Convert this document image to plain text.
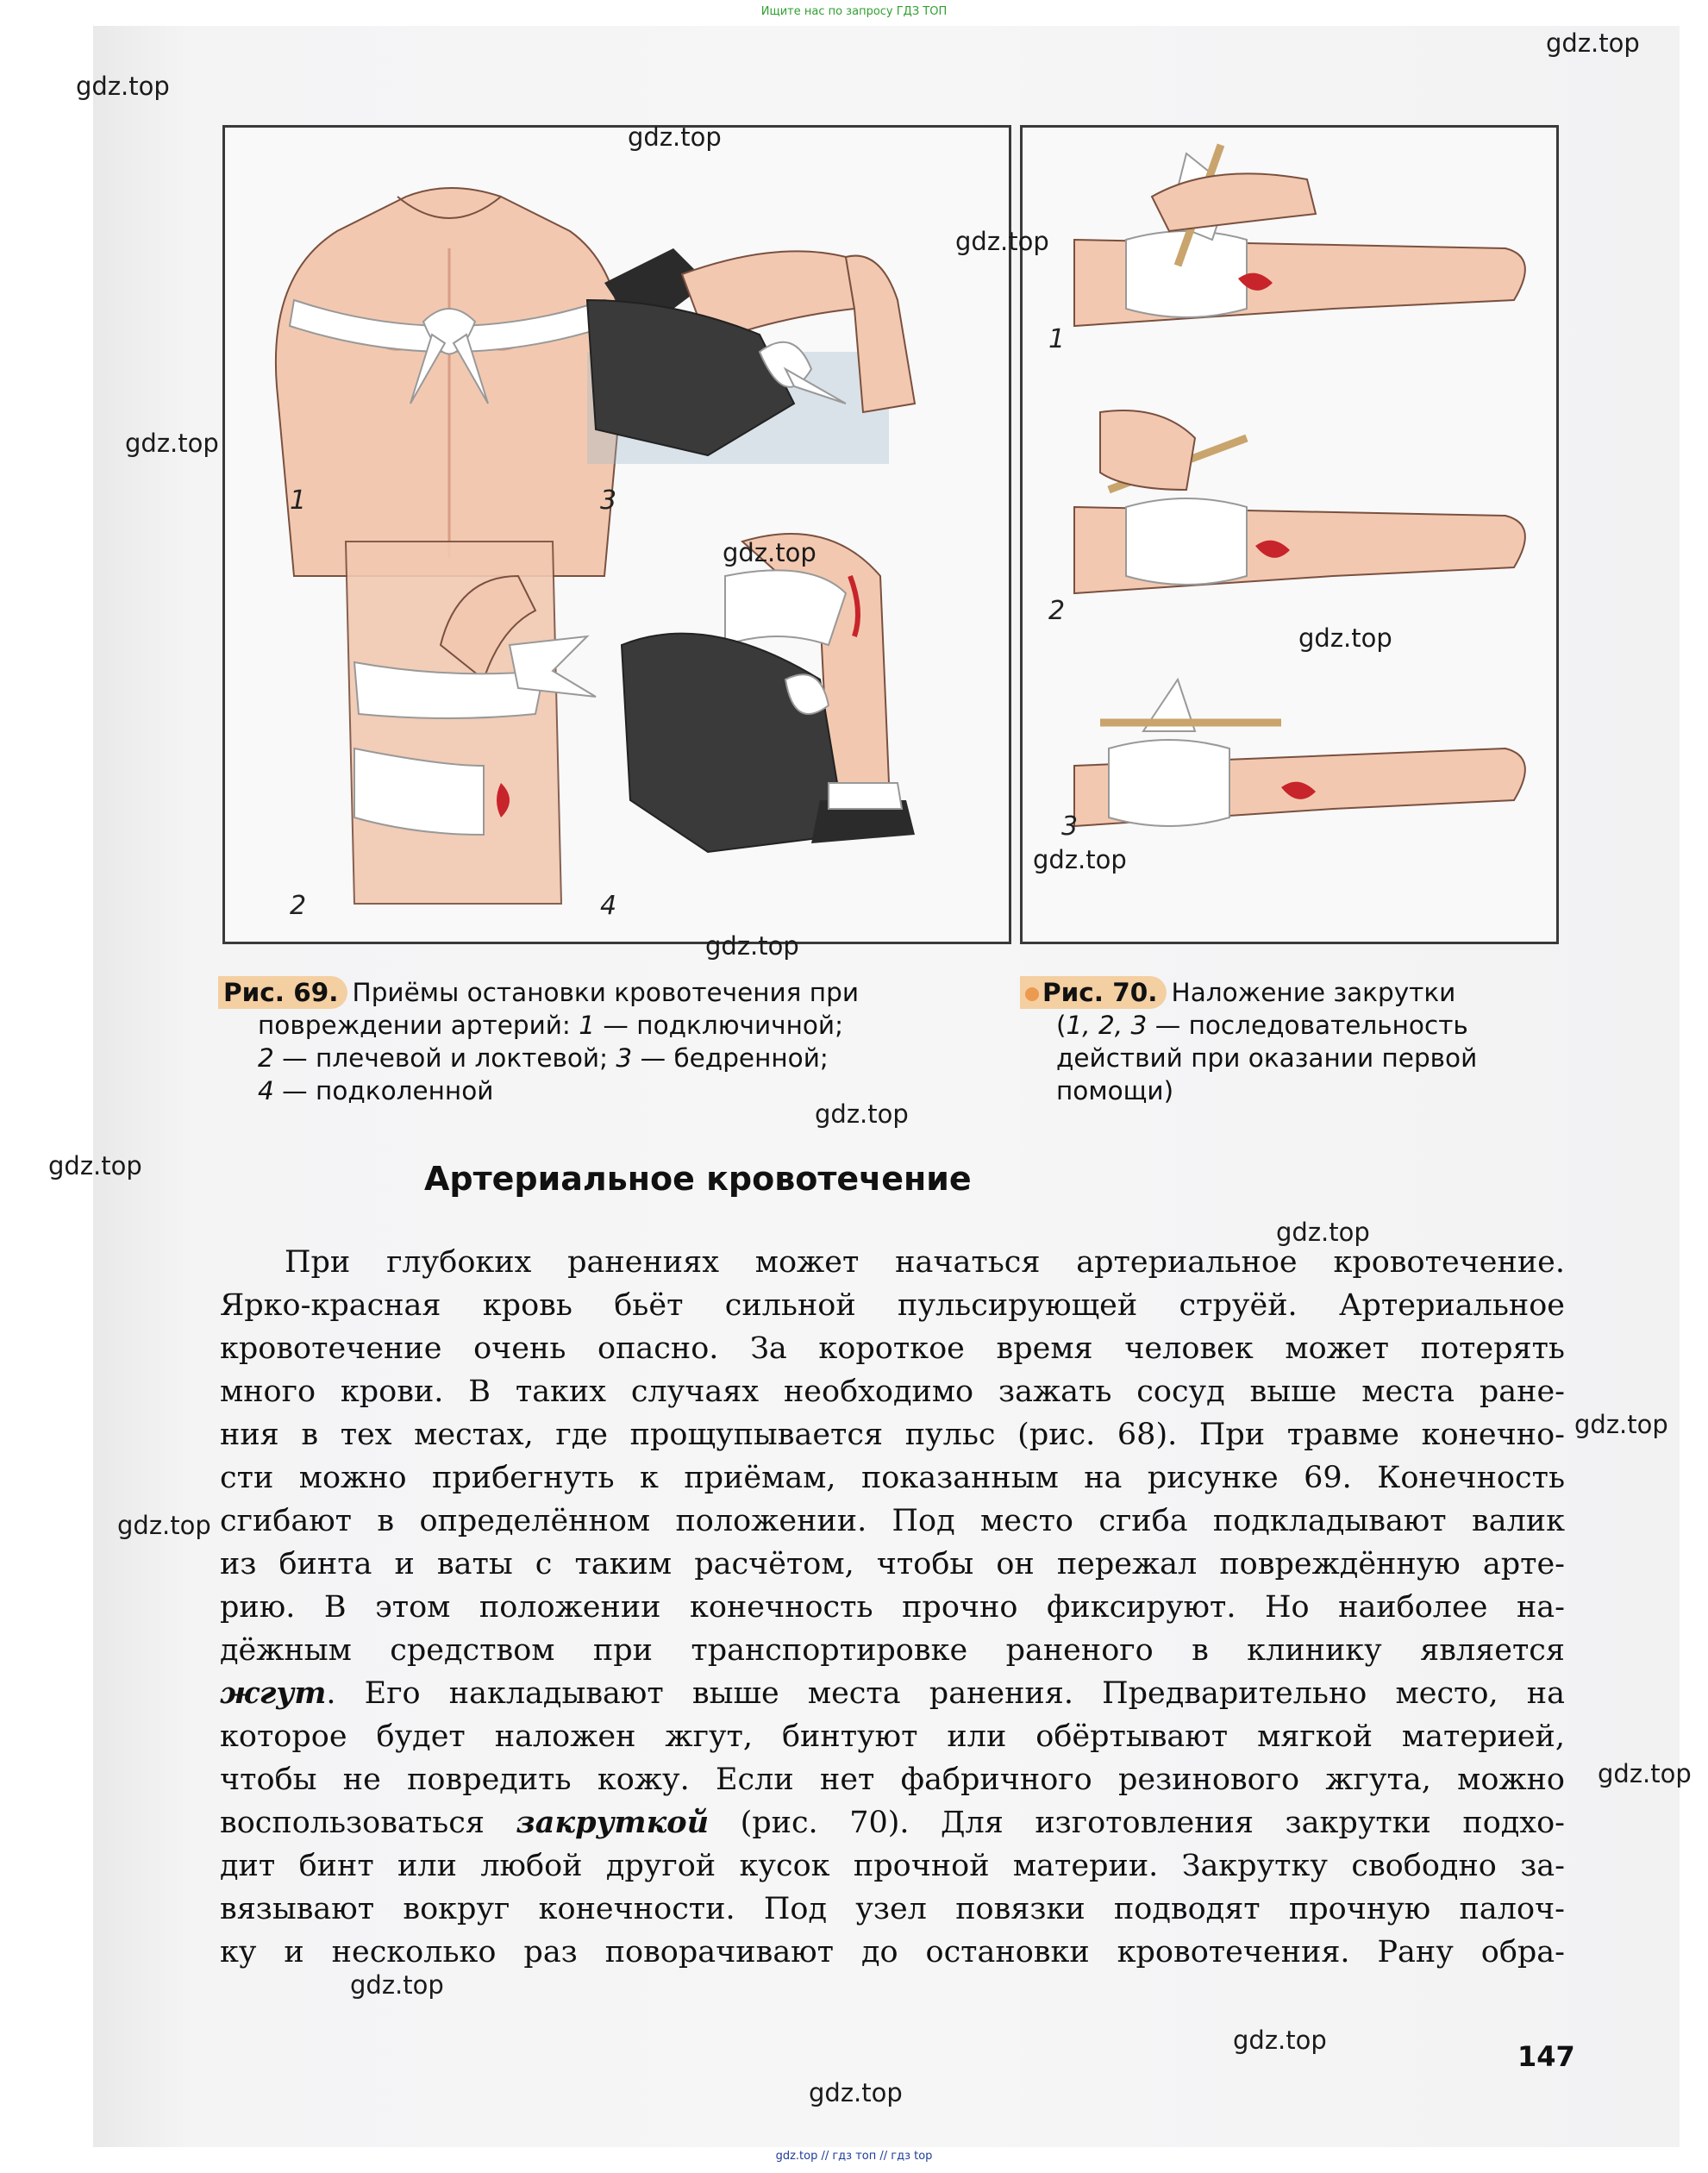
Ищите нас по запросу ГДЗ ТОП
1	3
2	4
1
2
3
Рис. 69. Приёмы остановки кровотечения при
повреждении артерий: 1 — подключичной;
2 — плечевой и локтевой; 3 — бедренной;
4 — подколенной
Рис. 70. Наложение закрутки
(1, 2, 3 — последовательность
действий при оказании первой
помощи)
Артериальное кровотечение
При глубоких ранениях может начаться артериальное кровотечение.
Ярко-красная кровь бьёт сильной пульсирующей струёй. Артериальное
кровотечение очень опасно. За короткое время человек может потерять
много крови. В таких случаях необходимо зажать сосуд выше места ране-
ния в тех местах, где прощупывается пульс (рис. 68). При травме конечно-
сти можно прибегнуть к приёмам, показанным на рисунке 69. Конечность
сгибают в определённом положении. Под место сгиба подкладывают валик
из бинта и ваты с таким расчётом, чтобы он пережал повреждённую арте-
рию. В этом положении конечность прочно фиксируют. Но наиболее на-
дёжным средством при транспортировке раненого в клинику является
жгут. Его накладывают выше места ранения. Предварительно место, на
которое будет наложен жгут, бинтуют или обёртывают мягкой материей,
чтобы не повредить кожу. Если нет фабричного резинового жгута, можно
воспользоваться закруткой (рис. 70). Для изготовления закрутки подхо-
дит бинт или любой другой кусок прочной материи. Закрутку свободно за-
вязывают вокруг конечности. Под узел повязки подводят прочную палоч-
ку и несколько раз поворачивают до остановки кровотечения. Рану обра-
147
gdz.top
gdz.top
gdz.top
gdz.top
gdz.top
gdz.top
gdz.top
gdz.top
gdz.top
gdz.top
gdz.top
gdz.top
gdz.top
gdz.top
gdz.top
gdz.top
gdz.top
gdz.top
gdz.top // гдз топ // гдз top
